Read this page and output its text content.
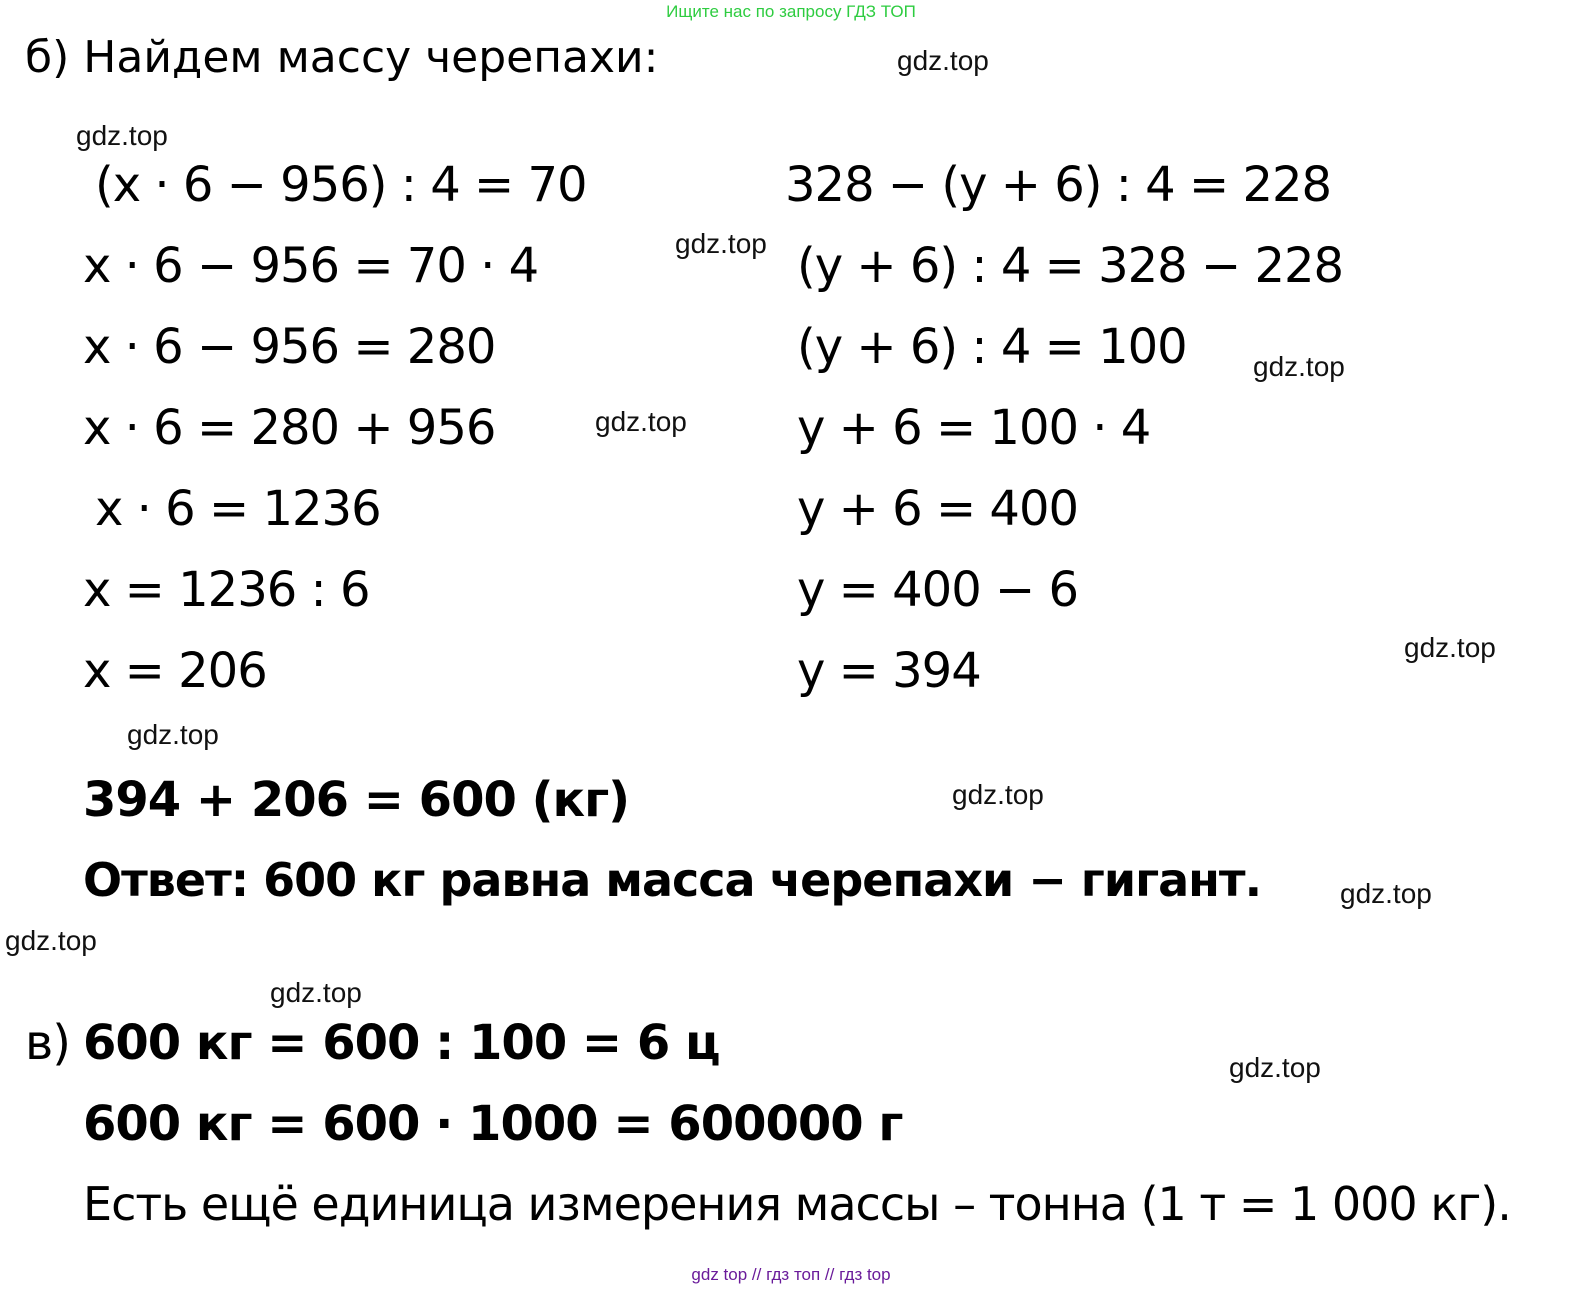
Ищите нас по запросу ГДЗ ТОП
б) Найдем массу черепахи:
(x · 6 − 956) : 4 = 70
x · 6 − 956 = 70 · 4
x · 6 − 956 = 280
x · 6 = 280 + 956
x · 6 = 1236
x = 1236 : 6
x = 206
328 − (y + 6) : 4 = 228
(y + 6) : 4 = 328 − 228
(y + 6) : 4 = 100
y + 6 = 100 · 4
y + 6 = 400
y = 400 − 6
y = 394
394 + 206 = 600 (кг)
Ответ: 600 кг равна масса черепахи − гигант.
в) 600 кг = 600 : 100 = 6 ц
600 кг = 600 · 1000 = 600000 г
Есть ещё единица измерения массы – тонна (1 т = 1 000 кг).
gdz.top
gdz.top
gdz.top
gdz.top
gdz.top
gdz.top
gdz.top
gdz.top
gdz.top
gdz.top
gdz.top
gdz.top
gdz top // гдз топ // гдз top
